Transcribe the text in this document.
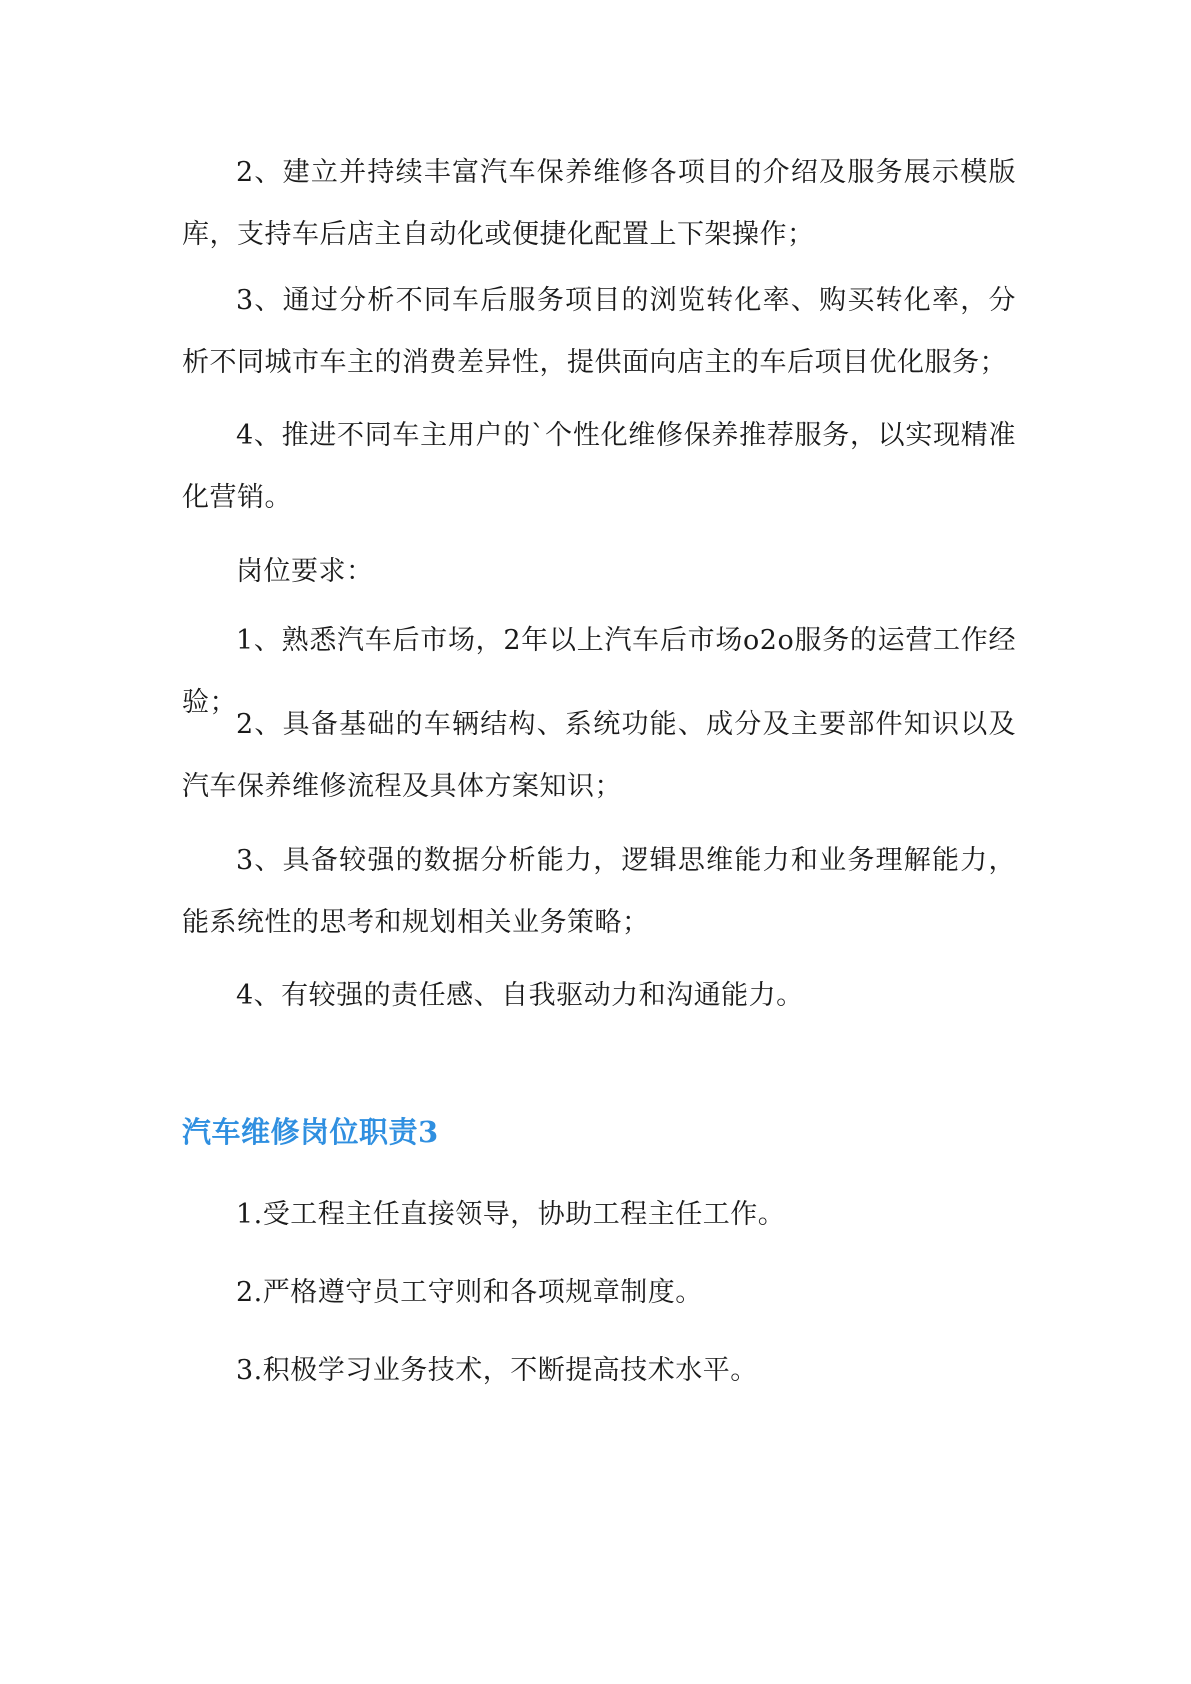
2、建立并持续丰富汽车保养维修各项目的介绍及服务展示模版库，支持车后店主自动化或便捷化配置上下架操作；

3、通过分析不同车后服务项目的浏览转化率、购买转化率，分析不同城市车主的消费差异性，提供面向店主的车后项目优化服务；

4、推进不同车主用户的`个性化维修保养推荐服务，以实现精准化营销。

岗位要求：

1、熟悉汽车后市场，2年以上汽车后市场o2o服务的运营工作经验；

2、具备基础的车辆结构、系统功能、成分及主要部件知识以及汽车保养维修流程及具体方案知识；

3、具备较强的数据分析能力，逻辑思维能力和业务理解能力，能系统性的思考和规划相关业务策略；

4、有较强的责任感、自我驱动力和沟通能力。

汽车维修岗位职责3

1.受工程主任直接领导，协助工程主任工作。

2.严格遵守员工守则和各项规章制度。

3.积极学习业务技术，不断提高技术水平。
